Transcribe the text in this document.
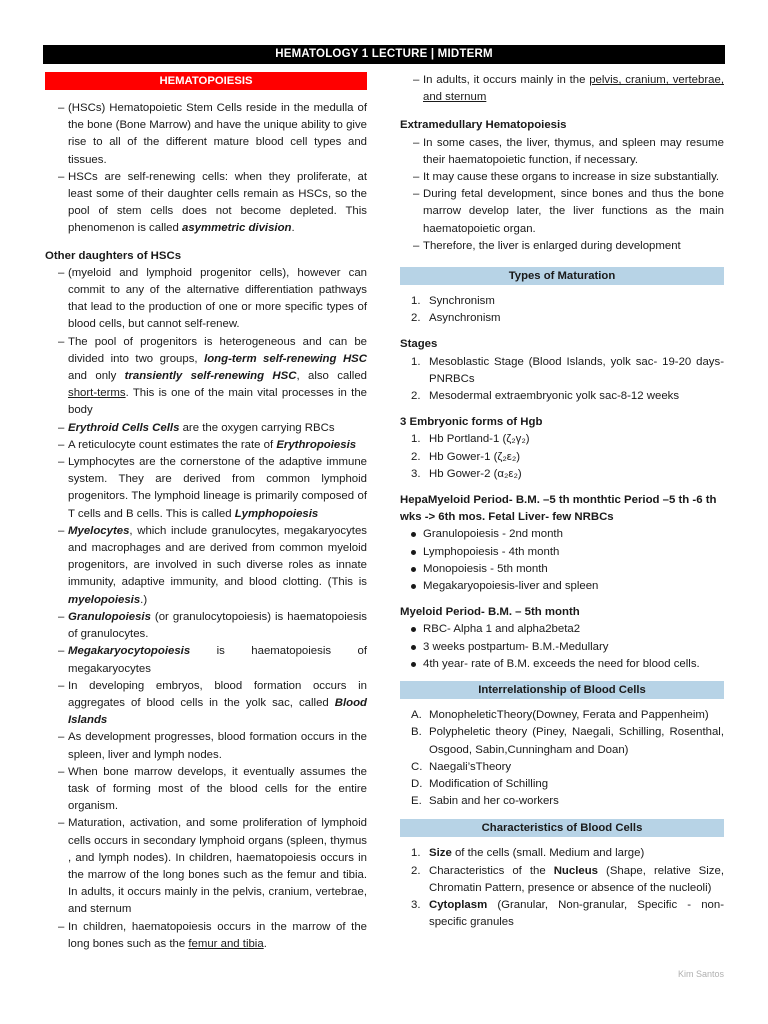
HEMATOLOGY 1 LECTURE | MIDTERM
HEMATOPOIESIS
– (HSCs) Hematopoietic Stem Cells reside in the medulla of the bone (Bone Marrow) and have the unique ability to give rise to all of the different mature blood cell types and tissues.
– HSCs are self-renewing cells: when they proliferate, at least some of their daughter cells remain as HSCs, so the pool of stem cells does not become depleted. This phenomenon is called asymmetric division.
Other daughters of HSCs
– (myeloid and lymphoid progenitor cells), however can commit to any of the alternative differentiation pathways that lead to the production of one or more specific types of blood cells, but cannot self-renew.
– The pool of progenitors is heterogeneous and can be divided into two groups, long-term self-renewing HSC and only transiently self-renewing HSC, also called short-terms. This is one of the main vital processes in the body
– Erythroid Cells Cells are the oxygen carrying RBCs
– A reticulocyte count estimates the rate of Erythropoiesis
– Lymphocytes are the cornerstone of the adaptive immune system. They are derived from common lymphoid progenitors. The lymphoid lineage is primarily composed of T cells and B cells. This is called Lymphopoiesis
– Myelocytes, which include granulocytes, megakaryocytes and macrophages and are derived from common myeloid progenitors, are involved in such diverse roles as innate immunity, adaptive immunity, and blood clotting. (This is myelopoiesis.)
– Granulopoiesis (or granulocytopoiesis) is haematopoiesis of granulocytes.
– Megakaryocytopoiesis is haematopoiesis of megakaryocytes
– In developing embryos, blood formation occurs in aggregates of blood cells in the yolk sac, called Blood Islands
– As development progresses, blood formation occurs in the spleen, liver and lymph nodes.
– When bone marrow develops, it eventually assumes the task of forming most of the blood cells for the entire organism.
– Maturation, activation, and some proliferation of lymphoid cells occurs in secondary lymphoid organs (spleen, thymus , and lymph nodes). In children, haematopoiesis occurs in the marrow of the long bones such as the femur and tibia. In adults, it occurs mainly in the pelvis, cranium, vertebrae, and sternum
– In children, haematopoiesis occurs in the marrow of the long bones such as the femur and tibia.
– In adults, it occurs mainly in the pelvis, cranium, vertebrae, and sternum
Extramedullary Hematopoiesis
– In some cases, the liver, thymus, and spleen may resume their haematopoietic function, if necessary.
– It may cause these organs to increase in size substantially.
– During fetal development, since bones and thus the bone marrow develop later, the liver functions as the main haematopoietic organ.
– Therefore, the liver is enlarged during development
Types of Maturation
1. Synchronism
2. Asynchronism
Stages
1. Mesoblastic Stage (Blood Islands, yolk sac- 19-20 days- PNRBCs
2. Mesodermal extraembryonic yolk sac-8-12 weeks
3 Embryonic forms of Hgb
1. Hb Portland-1 (ζ₂γ₂)
2. Hb Gower-1 (ζ₂ε₂)
3. Hb Gower-2 (α₂ε₂)
HepaMyeloid Period- B.M. –5 th monthtic Period –5 th -6 th wks -> 6th mos. Fetal Liver- few NRBCs
Granulopoiesis - 2nd month
Lymphopoiesis - 4th month
Monopoiesis - 5th month
Megakaryopoiesis-liver and spleen
Myeloid Period- B.M. – 5th month
RBC- Alpha 1 and alpha2beta2
3 weeks postpartum- B.M.-Medullary
4th year- rate of B.M. exceeds the need for blood cells.
Interrelationship of Blood Cells
A. MonopheleticTheory(Downey, Ferata and Pappenheim)
B. Polypheletic theory (Piney, Naegali, Schilling, Rosenthal, Osgood, Sabin,Cunningham and Doan)
C. Naegali’sTheory
D. Modification of Schilling
E. Sabin and her co-workers
Characteristics of Blood Cells
1. Size of the cells (small. Medium and large)
2. Characteristics of the Nucleus (Shape, relative Size, Chromatin Pattern, presence or absence of the nucleoli)
3. Cytoplasm (Granular, Non-granular, Specific - non-specific granules
Kim Santos
